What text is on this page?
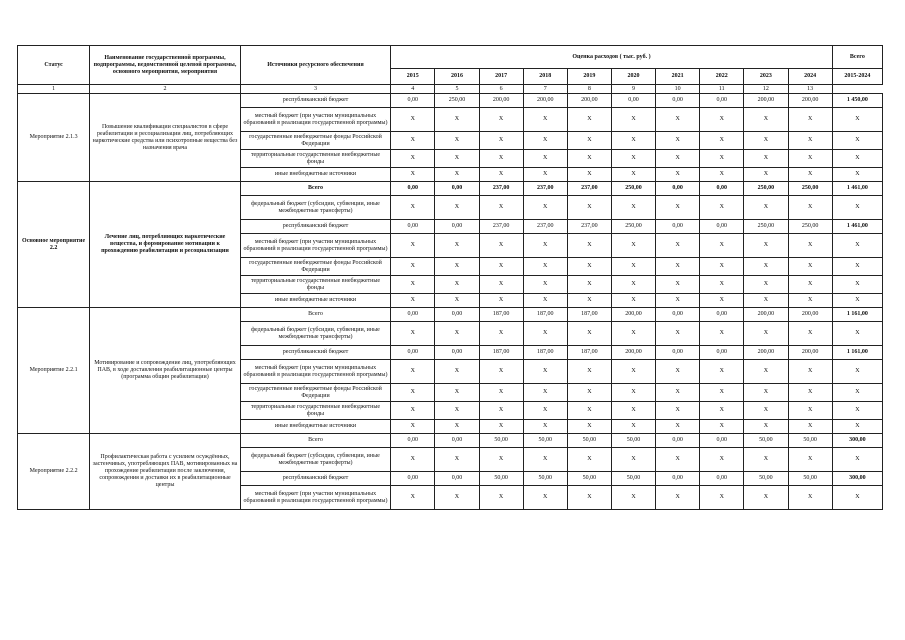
Статус	Наименование государственной программы, подпрограммы, ведомственной целевой программы, основного мероприятия, мероприятия	Источники ресурсного обеспечения	Оценка расходов ( тыс. руб. )										Всего
			2015	2016	2017	2018	2019	2020	2021	2022	2023	2024	2015-2024
1	2	3	4	5	6	7	8	9	10	11	12	13	
Мероприятие 2.1.3	Повышение квалификации специалистов в сфере реабилитации и ресоциализации лиц, потребляющих наркотические средства или психотропные вещества без назначения врача	республиканский бюджет	0,00	250,00	200,00	200,00	200,00	0,00	0,00	0,00	200,00	200,00	1 450,00
		местный бюджет (при участии муниципальных образований в реализации государственной программы)	X	X	X	X	X	X	X	X	X	X	X
		государственные внебюджетные фонды Российской Федерации	X	X	X	X	X	X	X	X	X	X	X
		территориальные государственные внебюджетные фонды	X	X	X	X	X	X	X	X	X	X	X
		иные внебюджетные источники	X	X	X	X	X	X	X	X	X	X	X
Основное мероприятие 2.2	Лечение лиц, потребляющих наркотические вещества, и формирование мотивации к прохождению реабилитации и ресоциализации	Всего	0,00	0,00	237,00	237,00	237,00	250,00	0,00	0,00	250,00	250,00	1 461,00
		федеральный бюджет (субсидии, субвенции, иные межбюджетные трансферты)	X	X	X	X	X	X	X	X	X	X	X
		республиканский бюджет	0,00	0,00	237,00	237,00	237,00	250,00	0,00	0,00	250,00	250,00	1 461,00
		местный бюджет (при участии муниципальных образований в реализации государственной программы)	X	X	X	X	X	X	X	X	X	X	X
		государственные внебюджетные фонды Российской Федерации	X	X	X	X	X	X	X	X	X	X	X
		территориальные государственные внебюджетные фонды	X	X	X	X	X	X	X	X	X	X	X
		иные внебюджетные источники	X	X	X	X	X	X	X	X	X	X	X
Мероприятие 2.2.1	Мотивирование и сопровождение лиц, употребляющих ПАВ, в ходе доставления реабилитационные центры (программа общин реабилитации)	Всего	0,00	0,00	187,00	187,00	187,00	200,00	0,00	0,00	200,00	200,00	1 161,00
		федеральный бюджет (субсидии, субвенции, иные межбюджетные трансферты)	X	X	X	X	X	X	X	X	X	X	X
		республиканский бюджет	0,00	0,00	187,00	187,00	187,00	200,00	0,00	0,00	200,00	200,00	1 161,00
		местный бюджет (при участии муниципальных образований в реализации государственной программы)	X	X	X	X	X	X	X	X	X	X	X
		государственные внебюджетные фонды Российской Федерации	X	X	X	X	X	X	X	X	X	X	X
		территориальные государственные внебюджетные фонды	X	X	X	X	X	X	X	X	X	X	X
		иные внебюджетные источники	X	X	X	X	X	X	X	X	X	X	X
Мероприятие 2.2.2	Профилактическая работа с усилием осуждённых, застенчивых, употребляющих ПАВ, мотивированных на прохождение реабилитации после заключения, сопровождения и доставки их в реабилитационные центры	Всего	0,00	0,00	50,00	50,00	50,00	50,00	0,00	0,00	50,00	50,00	300,00
		федеральный бюджет (субсидии, субвенции, иные межбюджетные трансферты)	X	X	X	X	X	X	X	X	X	X	X
		республиканский бюджет	0,00	0,00	50,00	50,00	50,00	50,00	0,00	0,00	50,00	50,00	300,00
		местный бюджет (при участии муниципальных образований в реализации государственной программы)	X	X	X	X	X	X	X	X	X	X	X
